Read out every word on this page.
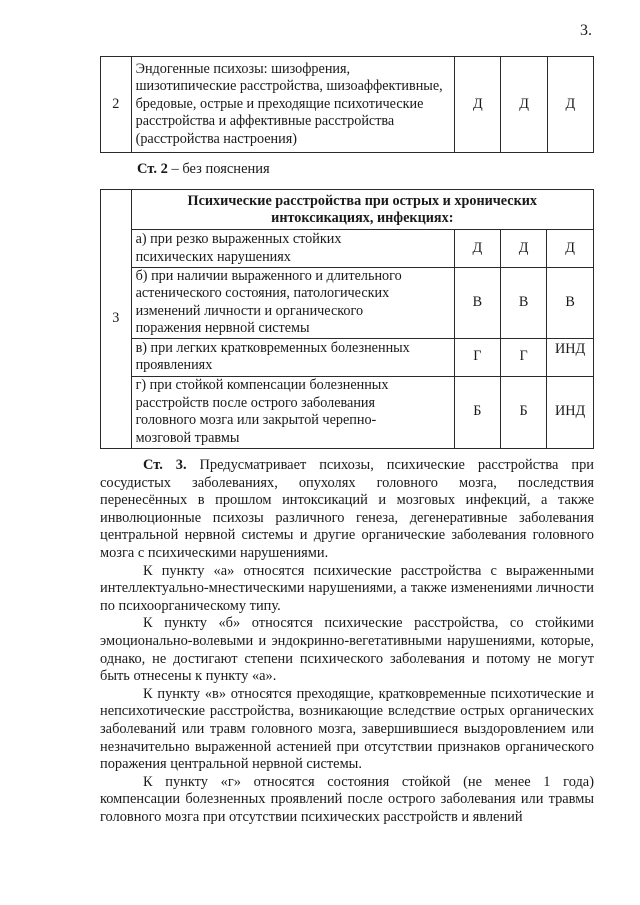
3.
2	
Эндогенные психозы: шизофрения,
шизотипические расстройства, шизоаффективные,
бредовые, острые и преходящие психотические
расстройства и аффективные расстройства
(расстройства настроения)
	Д	Д	Д
Ст. 2 – без пояснения
3	Психические расстройства при острых и хронических
интоксикациях, инфекциях:			

	а) при резко выраженных стойких
психических нарушениях	Д	Д	Д

	б) при наличии выраженного и длительного
астенического состояния, патологических
изменений личности и органического
поражения нервной системы	В	В	В

	в) при легких кратковременных болезненных
проявлениях	Г	Г	ИНД

	г) при стойкой компенсации болезненных
расстройств после острого заболевания
головного мозга или закрытой черепно-
мозговой травмы	Б	Б	ИНД

Ст. 3. Предусматривает психозы, психические расстройства при сосудистых заболеваниях, опухолях головного мозга, последствия перенесённых в прошлом интоксикаций и мозговых инфекций, а также инволюционные психозы различного генеза, дегенеративные заболевания центральной нервной системы и другие органические заболевания головного мозга с психическими нарушениями.

К пункту «а» относятся психические расстройства с выраженными интеллектуально-мнестическими нарушениями, а также изменениями личности по психоорганическому типу.

К пункту «б» относятся психические расстройства, со стойкими эмоционально-волевыми и эндокринно-вегетативными нарушениями, которые, однако, не достигают степени психического заболевания и потому не могут быть отнесены к пункту «а».

К пункту «в» относятся преходящие, кратковременные психотические и непсихотические расстройства, возникающие вследствие острых органических заболеваний или травм головного мозга, завершившиеся выздоровлением или незначительно выраженной астенией при отсутствии признаков органического поражения центральной нервной системы.

К пункту «г» относятся состояния стойкой (не менее 1 года) компенсации болезненных проявлений после острого заболевания или травмы головного мозга при отсутствии психических расстройств и явлений
